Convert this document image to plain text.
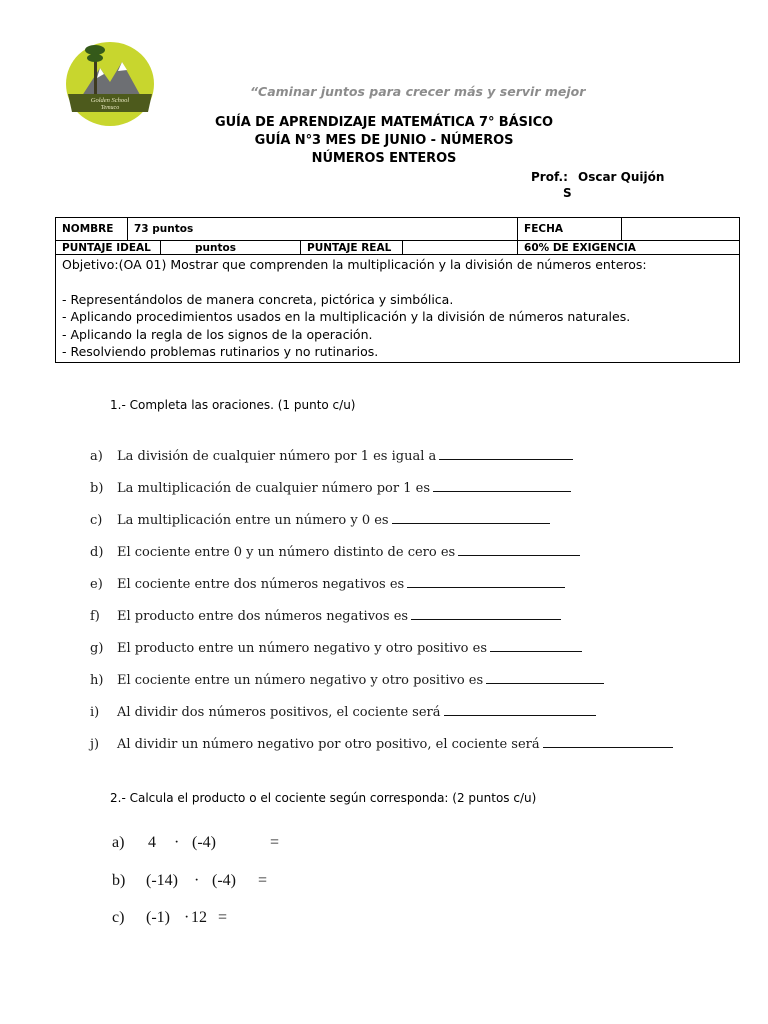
Golden School
Temuco
“Caminar juntos para crecer más y servir mejor
GUÍA DE APRENDIZAJE MATEMÁTICA 7° BÁSICO
GUÍA N°3 MES DE JUNIO - NÚMEROS
NÚMEROS ENTEROS
Prof.: Oscar Quijón
S
NOMBRE	73 puntos				FECHA	
PUNTAJE IDEAL		puntos	PUNTAJE REAL		60% DE EXIGENCIA	

Objetivo:(OA 01) Mostrar que comprenden la multiplicación y la división de números enteros:
- Representándolos de manera concreta, pictórica y simbólica.
- Aplicando procedimientos usados en la multiplicación y la división de números naturales.
- Aplicando la regla de los signos de la operación.
- Resolviendo problemas rutinarios y no rutinarios.						
1.- Completa las oraciones. (1 punto c/u)
a) La división de cualquier número por 1 es igual a
b) La multiplicación de cualquier número por 1 es
c) La multiplicación entre un número y 0 es
d) El cociente entre 0 y un número distinto de cero es
e) El cociente entre dos números negativos es
f) El producto entre dos números negativos es
g) El producto entre un número negativo y otro positivo es
h) El cociente entre un número negativo y otro positivo es
i) Al dividir dos números positivos, el cociente será
j) Al dividir un número negativo por otro positivo, el cociente será
2.- Calcula el producto o el cociente según corresponda: (2 puntos c/u)
a) 4 · (-4)	=
b) (-14) · (-4) =
c) (-1) · 12 =
